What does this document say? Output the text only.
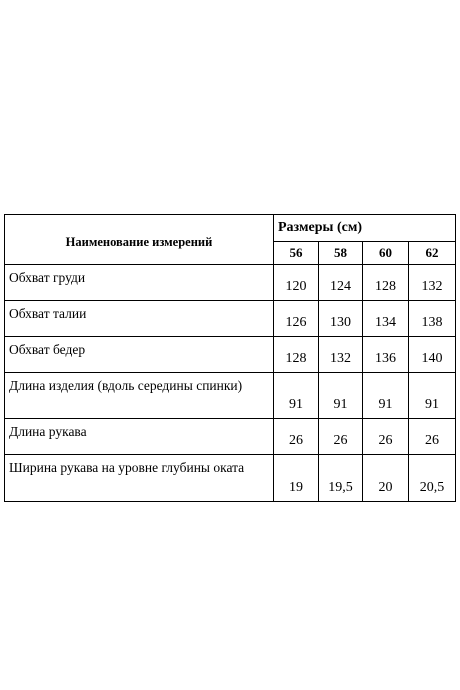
Наименование измерений	Размеры (см)			
	56	58	60	62
Обхват груди	120	124	128	132
Обхват талии	126	130	134	138
Обхват бедер	128	132	136	140
Длина изделия (вдоль середины спинки)	91	91	91	91
Длина рукава	26	26	26	26
Ширина рукава на уровне глубины оката	19	19,5	20	20,5
